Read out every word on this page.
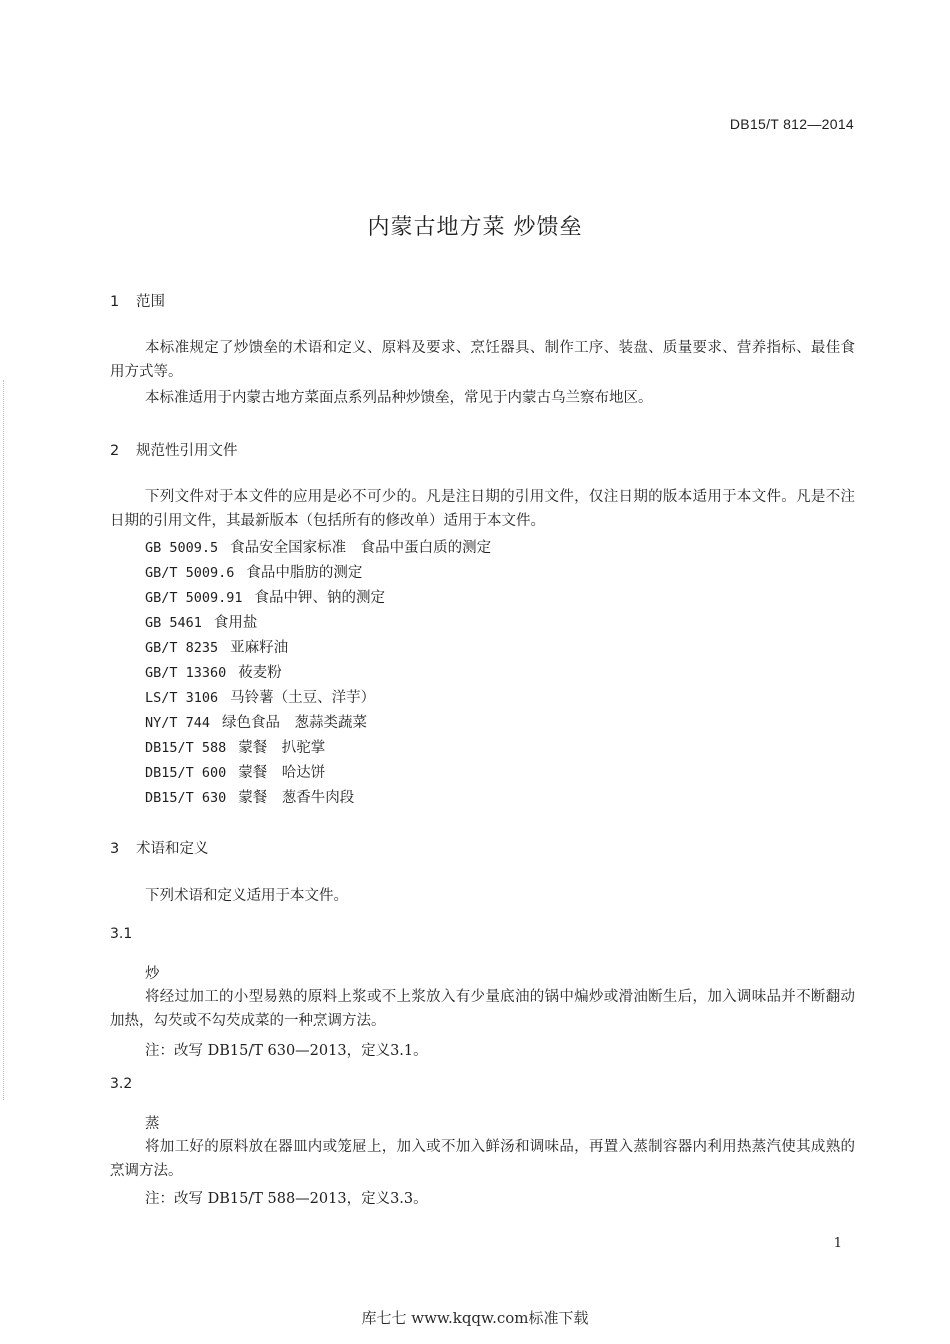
DB15/T 812—2014
内蒙古地方菜 炒馈垒
1 范围
本标准规定了炒馈垒的术语和定义、原料及要求、烹饪器具、制作工序、装盘、质量要求、营养指标、最佳食用方式等。
本标准适用于内蒙古地方菜面点系列品种炒馈垒，常见于内蒙古乌兰察布地区。
2 规范性引用文件
下列文件对于本文件的应用是必不可少的。凡是注日期的引用文件，仅注日期的版本适用于本文件。凡是不注日期的引用文件，其最新版本（包括所有的修改单）适用于本文件。
GB 5009.5 食品安全国家标准　食品中蛋白质的测定
GB/T 5009.6 食品中脂肪的测定
GB/T 5009.91 食品中钾、钠的测定
GB 5461 食用盐
GB/T 8235 亚麻籽油
GB/T 13360 莜麦粉
LS/T 3106 马铃薯（土豆、洋芋）
NY/T 744 绿色食品　葱蒜类蔬菜
DB15/T 588 蒙餐　扒驼掌
DB15/T 600 蒙餐　哈达饼
DB15/T 630 蒙餐　葱香牛肉段
3 术语和定义
下列术语和定义适用于本文件。
3.1
炒
将经过加工的小型易熟的原料上浆或不上浆放入有少量底油的锅中煸炒或滑油断生后，加入调味品并不断翻动加热，勾芡或不勾芡成菜的一种烹调方法。
注：改写 DB15/T 630—2013，定义3.1。
3.2
蒸
将加工好的原料放在器皿内或笼屉上，加入或不加入鲜汤和调味品，再置入蒸制容器内利用热蒸汽使其成熟的烹调方法。
注：改写 DB15/T 588—2013，定义3.3。
1
库七七 www.kqqw.com标准下载
